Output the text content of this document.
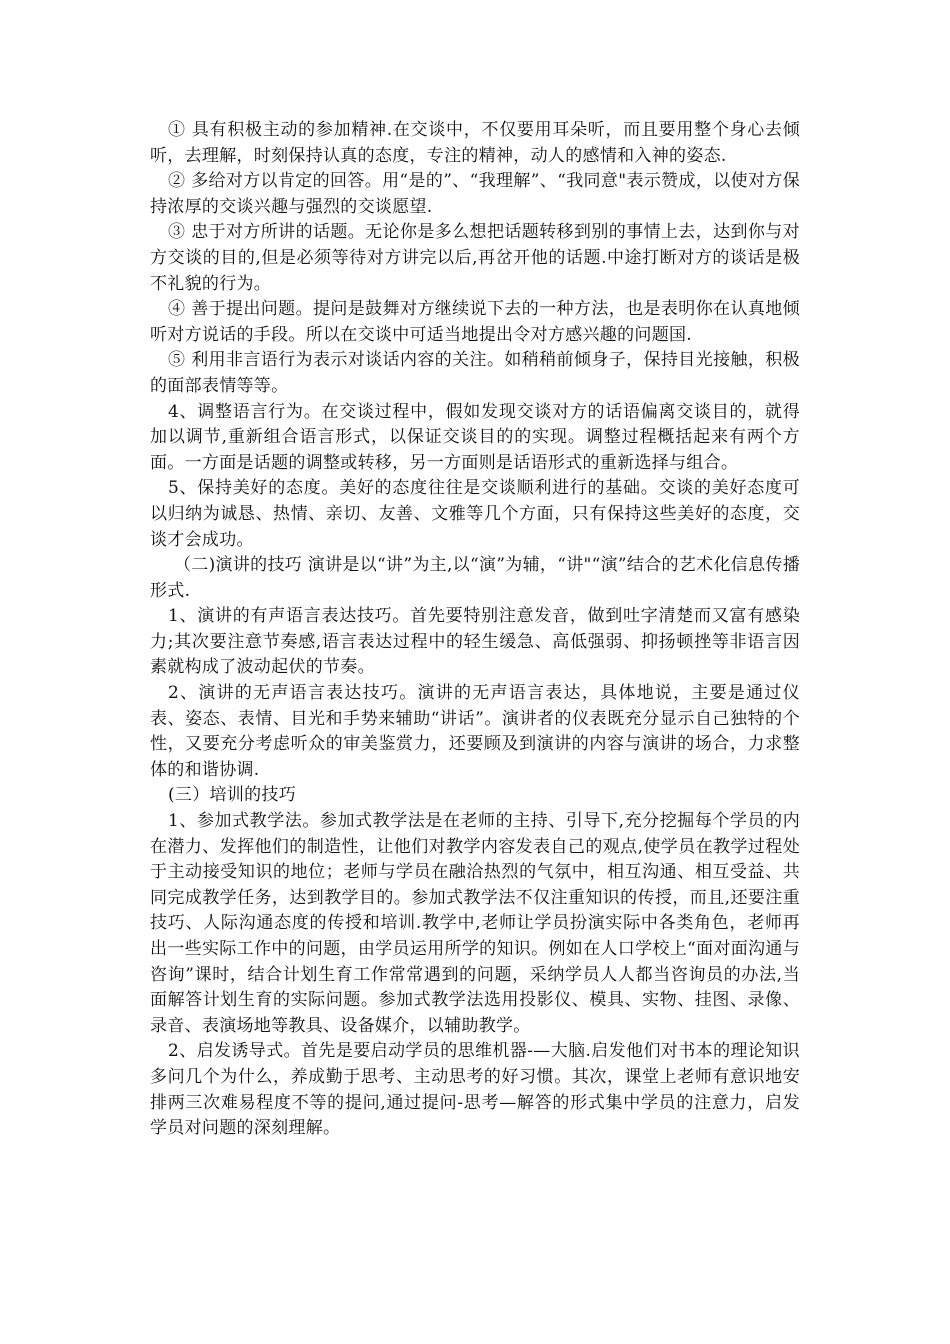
① 具有积极主动的参加精神.在交谈中，不仅要用耳朵听，而且要用整个身心去倾听，去理解，时刻保持认真的态度，专注的精神，动人的感情和入神的姿态.

② 多给对方以肯定的回答。用“是的”、“我理解”、“我同意"表示赞成，以使对方保持浓厚的交谈兴趣与强烈的交谈愿望.

③ 忠于对方所讲的话题。无论你是多么想把话题转移到别的事情上去，达到你与对方交谈的目的,但是必须等待对方讲完以后,再岔开他的话题.中途打断对方的谈话是极不礼貌的行为。

④ 善于提出问题。提问是鼓舞对方继续说下去的一种方法，也是表明你在认真地倾听对方说话的手段。所以在交谈中可适当地提出令对方感兴趣的问题国.

⑤ 利用非言语行为表示对谈话内容的关注。如稍稍前倾身子，保持目光接触，积极的面部表情等等。

4、调整语言行为。在交谈过程中，假如发现交谈对方的话语偏离交谈目的，就得加以调节,重新组合语言形式，以保证交谈目的的实现。调整过程概括起来有两个方面。一方面是话题的调整或转移，另一方面则是话语形式的重新选择与组合。

5、保持美好的态度。美好的态度往往是交谈顺利进行的基础。交谈的美好态度可以归纳为诚恳、热情、亲切、友善、文雅等几个方面，只有保持这些美好的态度，交谈才会成功。

（二)演讲的技巧 演讲是以“讲”为主,以“演”为辅，“讲"“演”结合的艺术化信息传播形式.

1、演讲的有声语言表达技巧。首先要特别注意发音，做到吐字清楚而又富有感染力;其次要注意节奏感,语言表达过程中的轻生缓急、高低强弱、抑扬顿挫等非语言因素就构成了波动起伏的节奏。

2、演讲的无声语言表达技巧。演讲的无声语言表达，具体地说，主要是通过仪表、姿态、表情、目光和手势来辅助“讲话”。演讲者的仪表既充分显示自己独特的个性，又要充分考虑听众的审美鉴赏力，还要顾及到演讲的内容与演讲的场合，力求整体的和谐协调.

(三）培训的技巧

1、参加式教学法。参加式教学法是在老师的主持、引导下,充分挖掘每个学员的内在潜力、发挥他们的制造性，让他们对教学内容发表自己的观点,使学员在教学过程处于主动接受知识的地位；老师与学员在融洽热烈的气氛中，相互沟通、相互受益、共同完成教学任务，达到教学目的。参加式教学法不仅注重知识的传授，而且,还要注重技巧、人际沟通态度的传授和培训.教学中,老师让学员扮演实际中各类角色，老师再出一些实际工作中的问题，由学员运用所学的知识。例如在人口学校上“面对面沟通与咨询”课时，结合计划生育工作常常遇到的问题，采纳学员人人都当咨询员的办法,当面解答计划生育的实际问题。参加式教学法选用投影仪、模具、实物、挂图、录像、录音、表演场地等教具、设备媒介，以辅助教学。

2、启发诱导式。首先是要启动学员的思维机器-—大脑.启发他们对书本的理论知识多问几个为什么，养成勤于思考、主动思考的好习惯。其次，课堂上老师有意识地安排两三次难易程度不等的提问,通过提问-思考—解答的形式集中学员的注意力，启发学员对问题的深刻理解。
